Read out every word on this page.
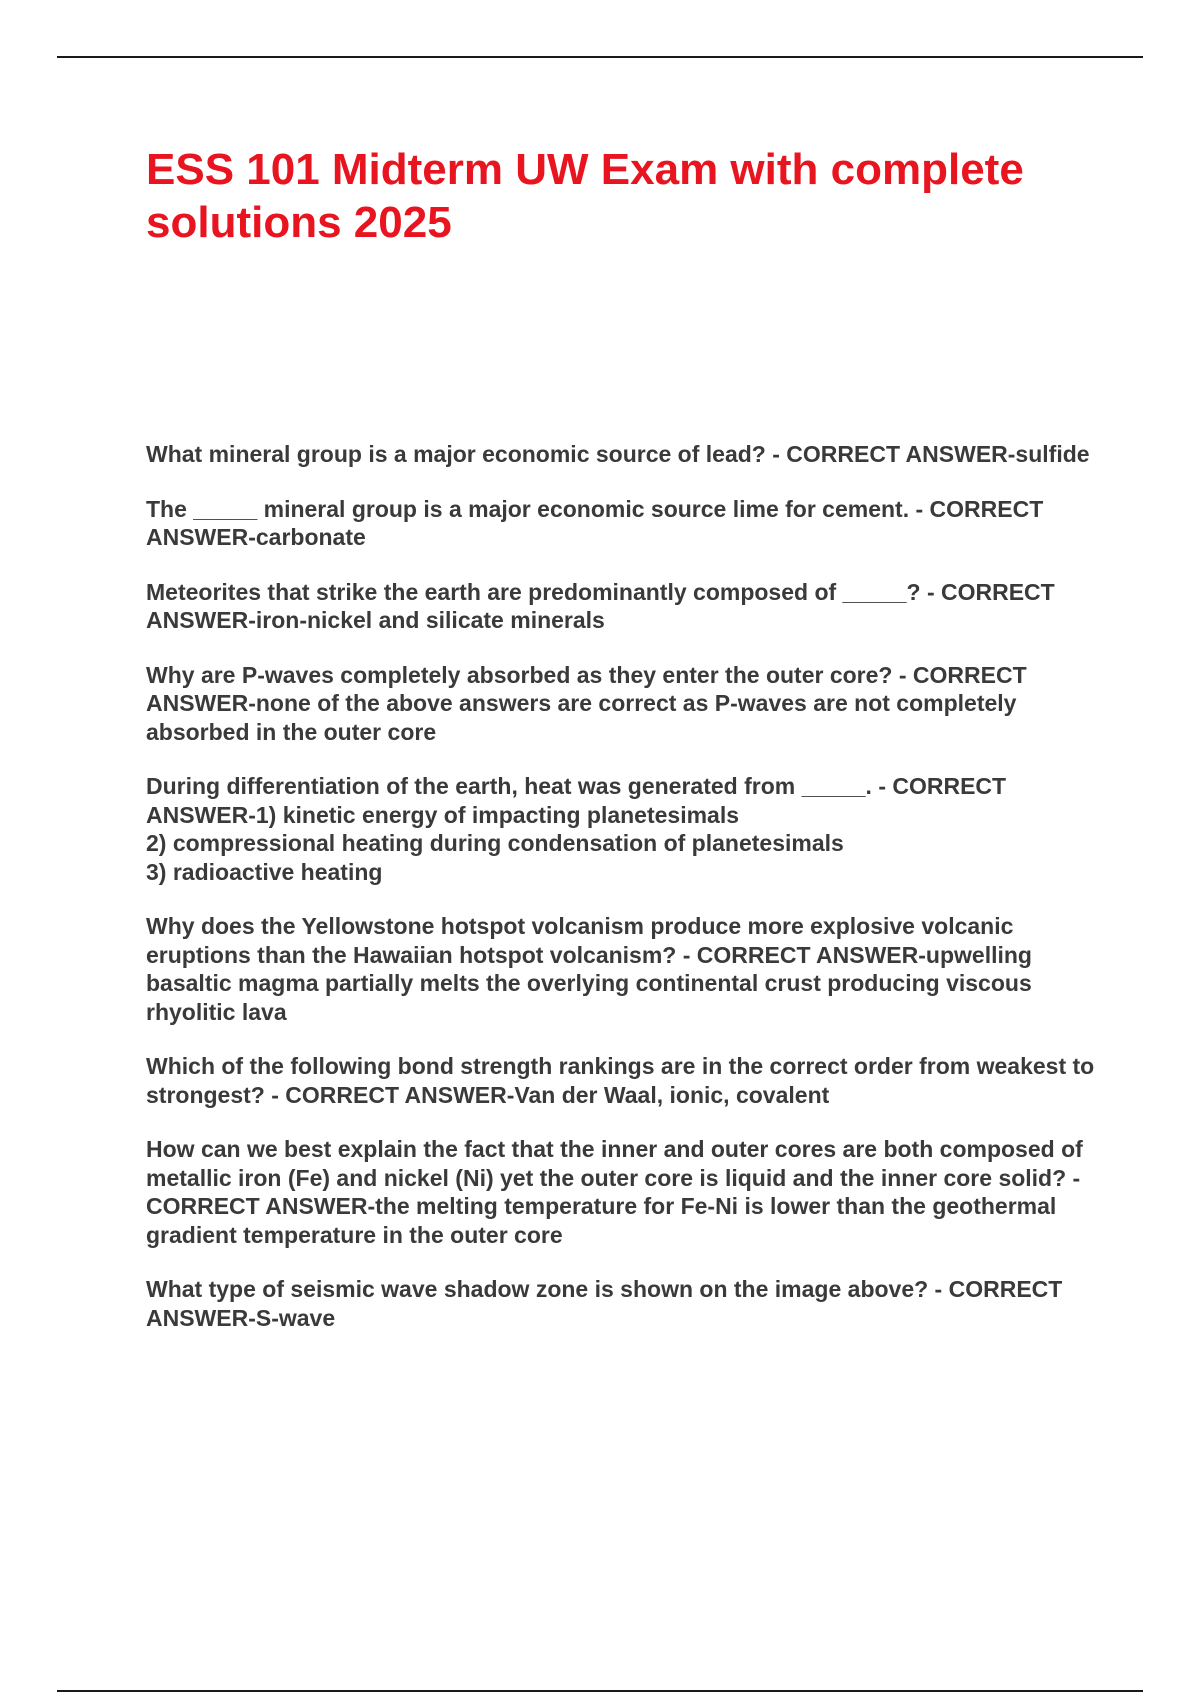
ESS 101 Midterm UW Exam with complete solutions 2025

What mineral group is a major economic source of lead? - CORRECT ANSWER-sulfide

The _____ mineral group is a major economic source lime for cement. - CORRECT ANSWER-carbonate

Meteorites that strike the earth are predominantly composed of _____? - CORRECT ANSWER-iron-nickel and silicate minerals

Why are P-waves completely absorbed as they enter the outer core? - CORRECT ANSWER-none of the above answers are correct as P-waves are not completely absorbed in the outer core

During differentiation of the earth, heat was generated from _____. - CORRECT ANSWER-1) kinetic energy of impacting planetesimals
2) compressional heating during condensation of planetesimals
3) radioactive heating

Why does the Yellowstone hotspot volcanism produce more explosive volcanic eruptions than the Hawaiian hotspot volcanism? - CORRECT ANSWER-upwelling basaltic magma partially melts the overlying continental crust producing viscous rhyolitic lava

Which of the following bond strength rankings are in the correct order from weakest to strongest? - CORRECT ANSWER-Van der Waal, ionic, covalent

How can we best explain the fact that the inner and outer cores are both composed of metallic iron (Fe) and nickel (Ni) yet the outer core is liquid and the inner core solid? - CORRECT ANSWER-the melting temperature for Fe-Ni is lower than the geothermal gradient temperature in the outer core

What type of seismic wave shadow zone is shown on the image above? - CORRECT ANSWER-S-wave
